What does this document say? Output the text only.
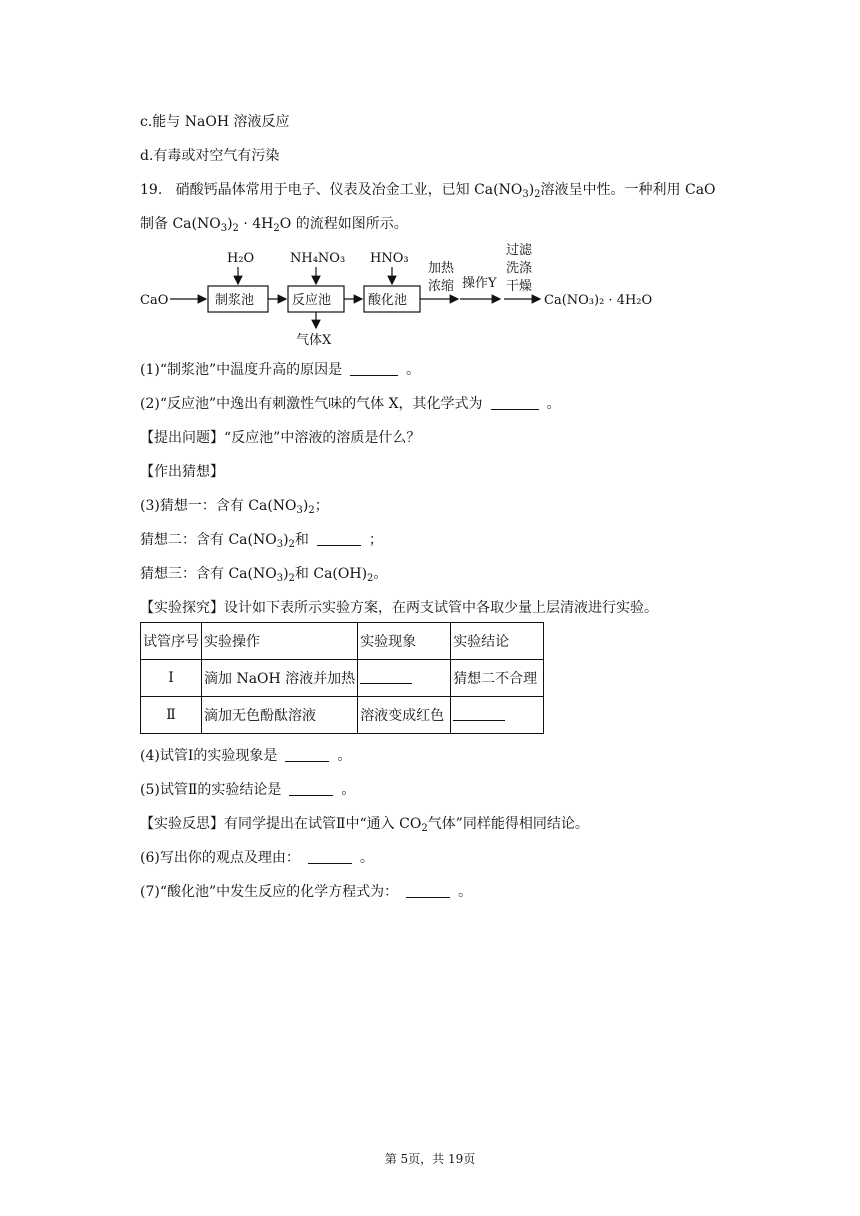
c.能与 NaOH 溶液反应
d.有毒或对空气有污染
19. 硝酸钙晶体常用于电子、仪表及冶金工业，已知 $Ca(NO_3)_2$溶液呈中性。一种利用 CaO
制备 $Ca(NO_3)_2 \cdot 4H_2O$ 的流程如图所示。
CaO	制浆池	反应池	酸化池
H₂O	NH₄NO₃ HNO₃
气体X
加热
浓缩 操作Y
过滤
洗涤
干燥
Ca(NO₃)₂ · 4H₂O
(1)“制浆池”中温度升高的原因是	。
(2)“反应池”中逸出有刺激性气味的气体 X，其化学式为	。
【提出问题】“反应池”中溶液的溶质是什么？
【作出猜想】
(3)猜想一：含有 $Ca(NO_3)_2$；
猜想二：含有 $Ca(NO_3)_2$和	；
猜想三：含有 $Ca(NO_3)_2$和 $Ca(OH)_2$。
【实验探究】设计如下表所示实验方案，在两支试管中各取少量上层清液进行实验。
试管序号	实验操作	实验现象	实验结论
Ⅰ	滴加 NaOH 溶液并加热		猜想二不合理
Ⅱ	滴加无色酚酞溶液	溶液变成红色	
(4)试管Ⅰ的实验现象是	。
(5)试管Ⅱ的实验结论是	。
【实验反思】有同学提出在试管Ⅱ中“通入 $CO_2$气体”同样能得相同结论。
(6)写出你的观点及理由：	。
(7)“酸化池”中发生反应的化学方程式为：	。
第 5页，共 19页
